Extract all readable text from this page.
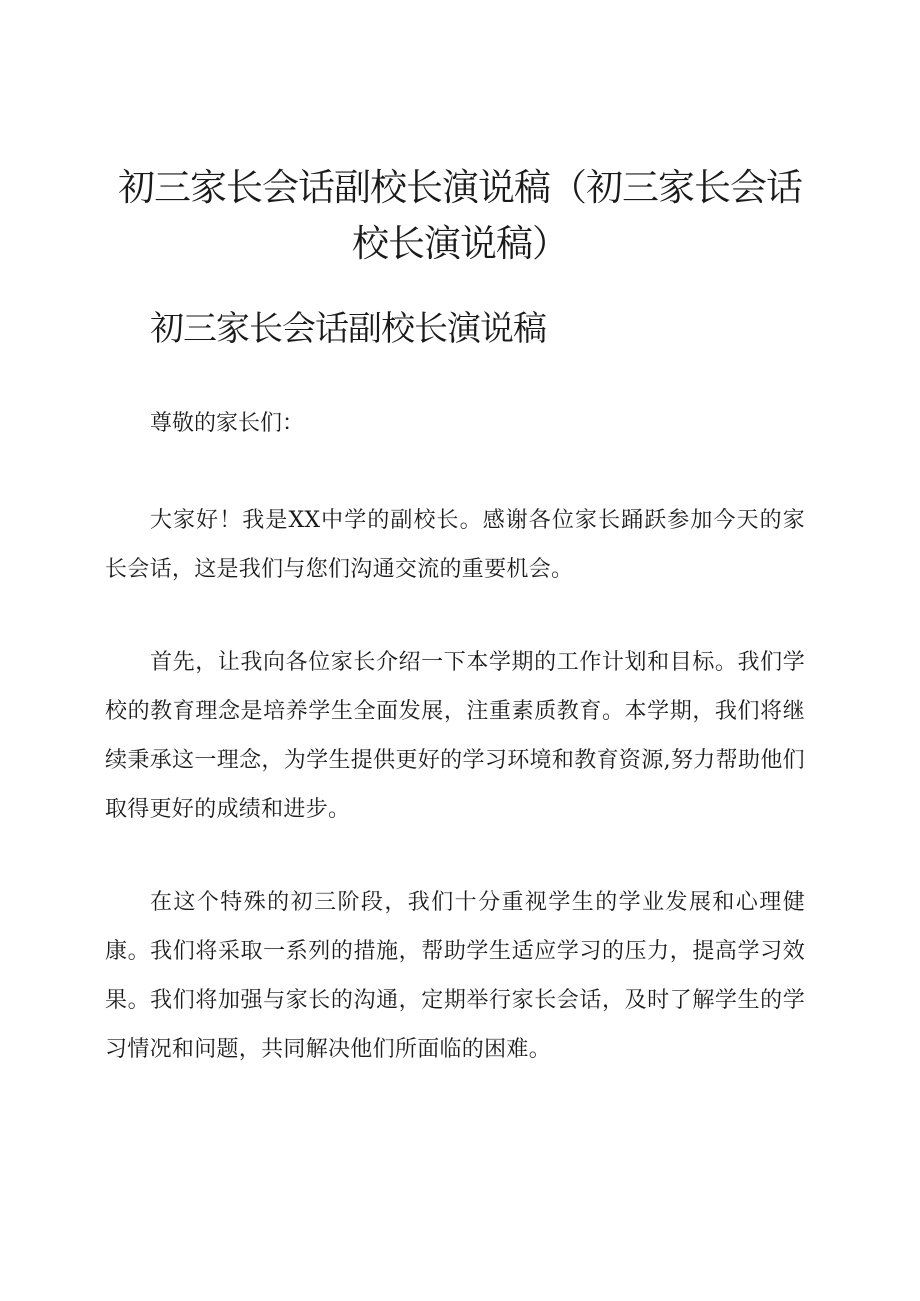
初三家长会话副校长演说稿（初三家长会话校长演说稿）
初三家长会话副校长演说稿

尊敬的家长们：

大家好！我是XX中学的副校长。感谢各位家长踊跃参加今天的家长会话，这是我们与您们沟通交流的重要机会。

首先，让我向各位家长介绍一下本学期的工作计划和目标。我们学校的教育理念是培养学生全面发展，注重素质教育。本学期，我们将继续秉承这一理念，为学生提供更好的学习环境和教育资源,努力帮助他们取得更好的成绩和进步。

在这个特殊的初三阶段，我们十分重视学生的学业发展和心理健康。我们将采取一系列的措施，帮助学生适应学习的压力，提高学习效果。我们将加强与家长的沟通，定期举行家长会话，及时了解学生的学习情况和问题，共同解决他们所面临的困难。
